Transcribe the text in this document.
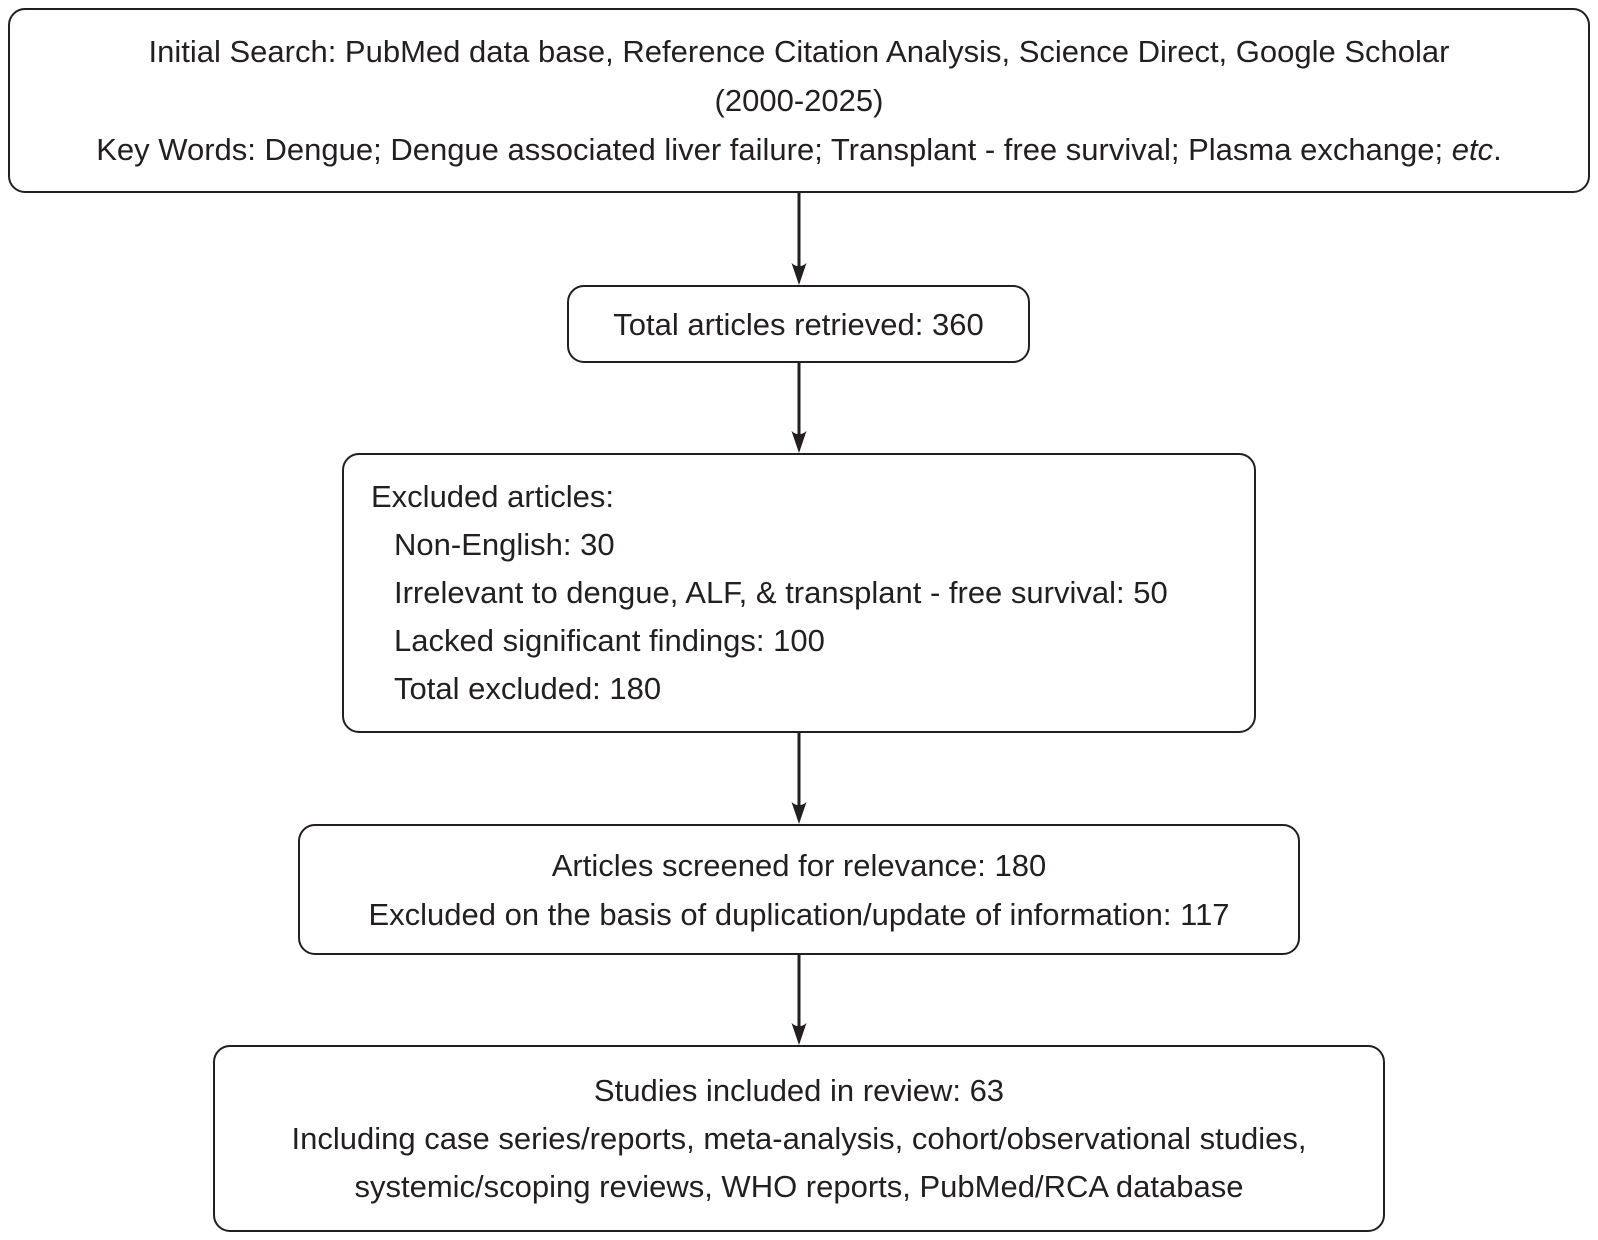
Initial Search: PubMed data base, Reference Citation Analysis, Science Direct, Google Scholar
(2000-2025)
Key Words: Dengue; Dengue associated liver failure; Transplant - free survival; Plasma exchange; etc.
Total articles retrieved: 360
Excluded articles:
Non-English: 30
Irrelevant to dengue, ALF, & transplant - free survival: 50
Lacked significant findings: 100
Total excluded: 180
Articles screened for relevance: 180
Excluded on the basis of duplication/update of information: 117
Studies included in review: 63
Including case series/reports, meta-analysis, cohort/observational studies,
systemic/scoping reviews, WHO reports, PubMed/RCA database
